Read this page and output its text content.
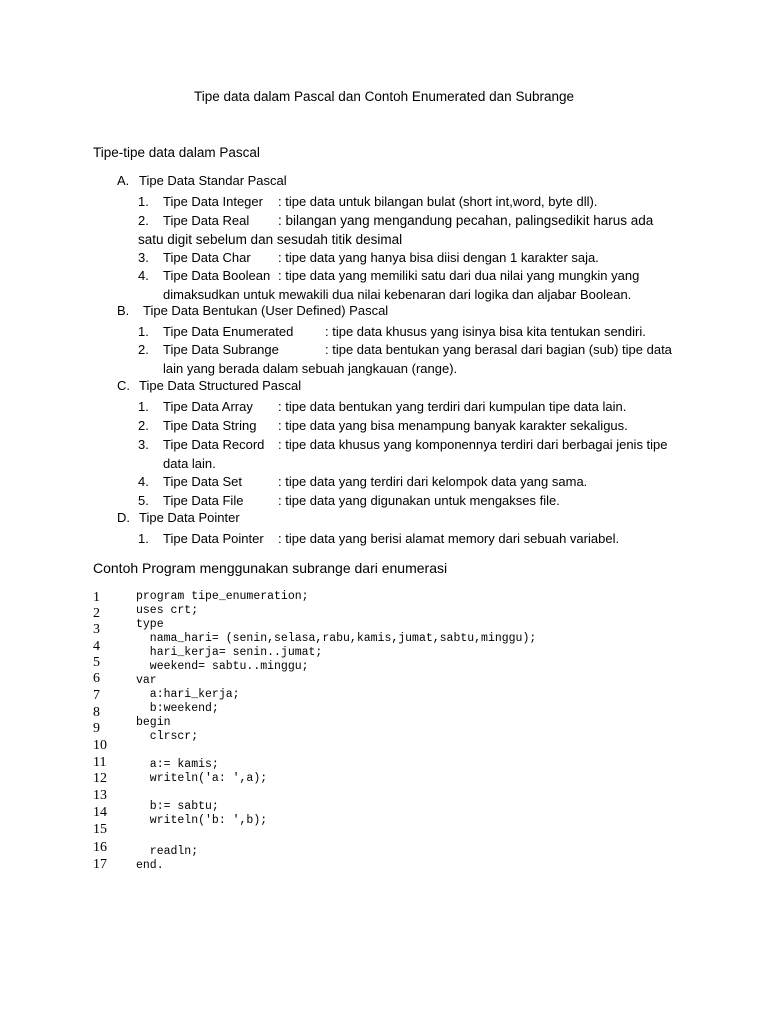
Tipe data dalam Pascal dan Contoh Enumerated dan Subrange
Tipe-tipe data dalam Pascal
A. Tipe Data Standar Pascal
1.	Tipe Data Integer : tipe data untuk bilangan bulat (short int,word, byte dll).
2.	Tipe Data Real : bilangan yang mengandung pecahan, palingsedikit harus ada
satu digit sebelum dan sesudah titik desimal
3.	Tipe Data Char : tipe data yang hanya bisa diisi dengan 1 karakter saja.
4.	Tipe Data Boolean : tipe data yang memiliki satu dari dua nilai yang mungkin yang
dimaksudkan untuk mewakili dua nilai kebenaran dari logika dan aljabar Boolean.
B. Tipe Data Bentukan (User Defined) Pascal
1.	Tipe Data Enumerated : tipe data khusus yang isinya bisa kita tentukan sendiri.
2.	Tipe Data Subrange	: tipe data bentukan yang berasal dari bagian (sub) tipe data
lain yang berada dalam sebuah jangkauan (range).
C. Tipe Data Structured Pascal
1.	Tipe Data Array : tipe data bentukan yang terdiri dari kumpulan tipe data lain.
2.	Tipe Data String : tipe data yang bisa menampung banyak karakter sekaligus.
3.	Tipe Data Record : tipe data khusus yang komponennya terdiri dari berbagai jenis tipe
data lain.
4.	Tipe Data Set	: tipe data yang terdiri dari kelompok data yang sama.
5.	Tipe Data File	: tipe data yang digunakan untuk mengakses file.
D. Tipe Data Pointer
1.	Tipe Data Pointer : tipe data yang berisi alamat memory dari sebuah variabel.
Contoh Program menggunakan subrange dari enumerasi
1
2
3
4
5
6
7
8
9
10
11
12
13
14
15
16
17
program tipe_enumeration;
uses crt;
type
nama_hari= (senin,selasa,rabu,kamis,jumat,sabtu,minggu);
hari_kerja= senin..jumat;
weekend= sabtu..minggu;
var
a:hari_kerja;
b:weekend;
begin
clrscr;
a:= kamis;
writeln('a: ',a);
b:= sabtu;
writeln('b: ',b);
readln;
end.
